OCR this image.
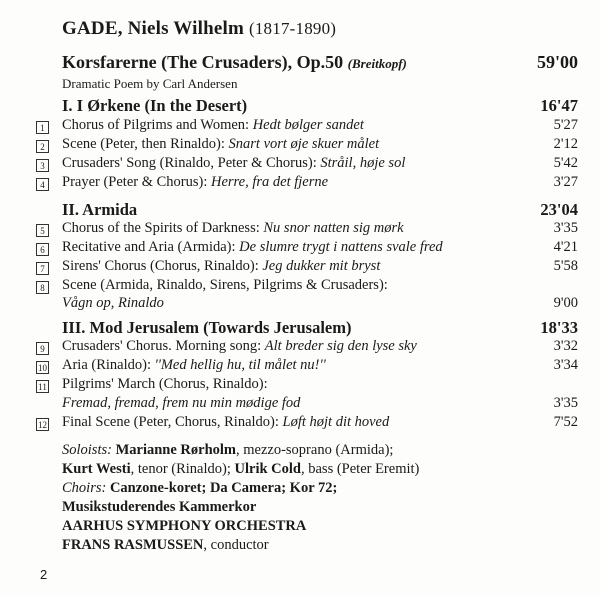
GADE, Niels Wilhelm (1817-1890)
Korsfarerne (The Crusaders), Op.50 (Breitkopf)	59'00
Dramatic Poem by Carl Andersen
I. I Ørkene (In the Desert)	16'47
1 Chorus of Pilgrims and Women: Hedt bølger sandet	5'27
2 Scene (Peter, then Rinaldo): Snart vort øje skuer målet	2'12
3 Crusaders' Song (Rinaldo, Peter & Chorus): Stråil, høje sol	5'42
4 Prayer (Peter & Chorus): Herre, fra det fjerne	3'27
II. Armida	23'04
5 Chorus of the Spirits of Darkness: Nu snor natten sig mørk	3'35
6 Recitative and Aria (Armida): De slumre trygt i nattens svale fred	4'21
7 Sirens' Chorus (Chorus, Rinaldo): Jeg dukker mit bryst	5'58
8 Scene (Armida, Rinaldo, Sirens, Pilgrims & Crusaders):
Vågn op, Rinaldo	9'00
III. Mod Jerusalem (Towards Jerusalem)	18'33
9 Crusaders' Chorus. Morning song: Alt breder sig den lyse sky	3'32
10 Aria (Rinaldo): ''Med hellig hu, til målet nu!''	3'34
11 Pilgrims' March (Chorus, Rinaldo):
Fremad, fremad, frem nu min mødige fod	3'35
12 Final Scene (Peter, Chorus, Rinaldo): Løft højt dit hoved	7'52
Soloists: Marianne Rørholm, mezzo-soprano (Armida);
Kurt Westi, tenor (Rinaldo); Ulrik Cold, bass (Peter Eremit)
Choirs: Canzone-koret; Da Camera; Kor 72;
Musikstuderendes Kammerkor
AARHUS SYMPHONY ORCHESTRA
FRANS RASMUSSEN, conductor
2
